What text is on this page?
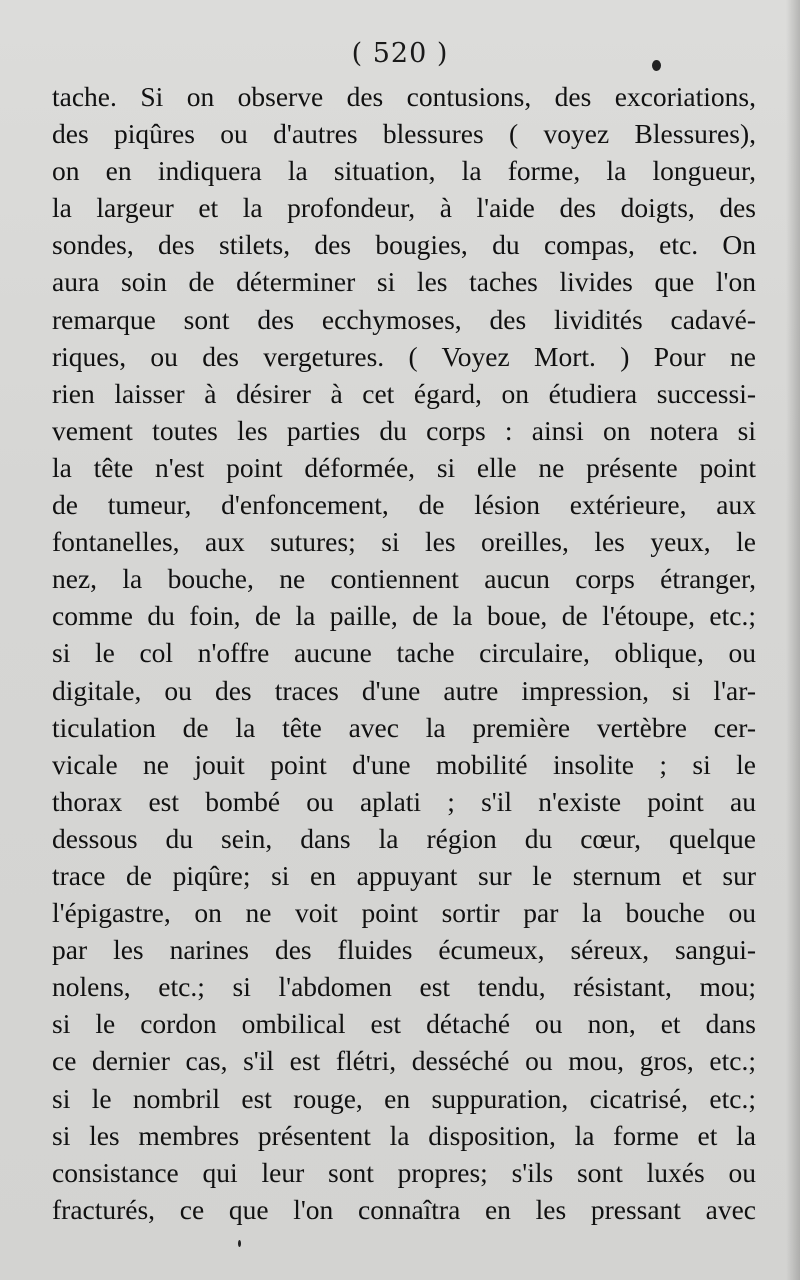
( 520 )
tache. Si on observe des contusions, des excoriations,
des piqûres ou d'autres blessures ( voyez Blessures),
on en indiquera la situation, la forme, la longueur,
la largeur et la profondeur, à l'aide des doigts, des
sondes, des stilets, des bougies, du compas, etc. On
aura soin de déterminer si les taches livides que l'on
remarque sont des ecchymoses, des lividités cadavé-
riques, ou des vergetures. ( Voyez Mort. ) Pour ne
rien laisser à désirer à cet égard, on étudiera successi-
vement toutes les parties du corps : ainsi on notera si
la tête n'est point déformée, si elle ne présente point
de tumeur, d'enfoncement, de lésion extérieure, aux
fontanelles, aux sutures; si les oreilles, les yeux, le
nez, la bouche, ne contiennent aucun corps étranger,
comme du foin, de la paille, de la boue, de l'étoupe, etc.;
si le col n'offre aucune tache circulaire, oblique, ou
digitale, ou des traces d'une autre impression, si l'ar-
ticulation de la tête avec la première vertèbre cer-
vicale ne jouit point d'une mobilité insolite ; si le
thorax est bombé ou aplati ; s'il n'existe point au
dessous du sein, dans la région du cœur, quelque
trace de piqûre; si en appuyant sur le sternum et sur
l'épigastre, on ne voit point sortir par la bouche ou
par les narines des fluides écumeux, séreux, sangui-
nolens, etc.; si l'abdomen est tendu, résistant, mou;
si le cordon ombilical est détaché ou non, et dans
ce dernier cas, s'il est flétri, desséché ou mou, gros, etc.;
si le nombril est rouge, en suppuration, cicatrisé, etc.;
si les membres présentent la disposition, la forme et la
consistance qui leur sont propres; s'ils sont luxés ou
fracturés, ce que l'on connaîtra en les pressant avec
